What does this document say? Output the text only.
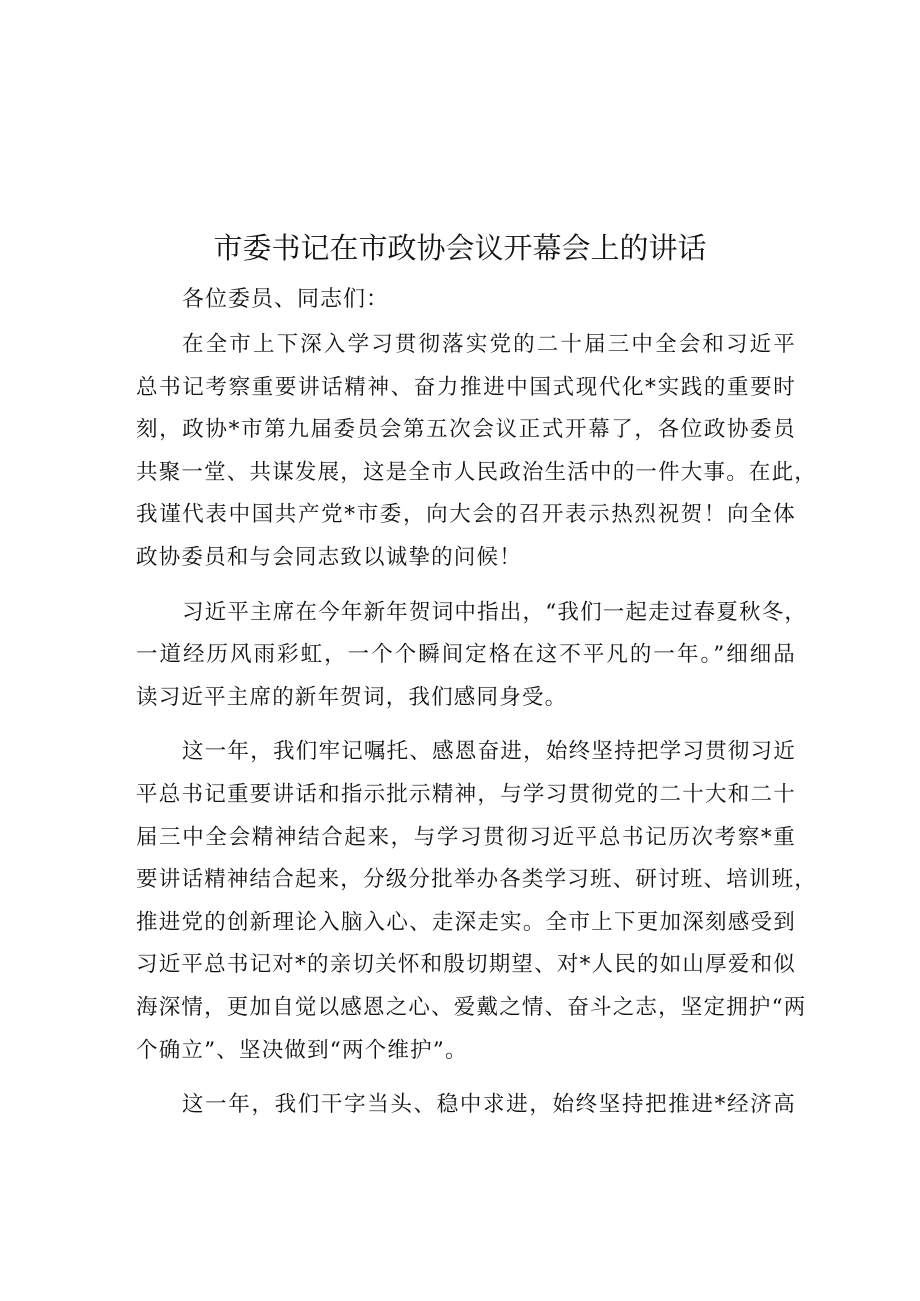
市委书记在市政协会议开幕会上的讲话

各位委员、同志们：

在全市上下深入学习贯彻落实党的二十届三中全会和习近平
总书记考察重要讲话精神、奋力推进中国式现代化*实践的重要时
刻，政协*市第九届委员会第五次会议正式开幕了，各位政协委员
共聚一堂、共谋发展，这是全市人民政治生活中的一件大事。在此，
我谨代表中国共产党*市委，向大会的召开表示热烈祝贺！向全体
政协委员和与会同志致以诚挚的问候！

习近平主席在今年新年贺词中指出，“我们一起走过春夏秋冬，
一道经历风雨彩虹，一个个瞬间定格在这不平凡的一年。”细细品
读习近平主席的新年贺词，我们感同身受。

这一年，我们牢记嘱托、感恩奋进，始终坚持把学习贯彻习近
平总书记重要讲话和指示批示精神，与学习贯彻党的二十大和二十
届三中全会精神结合起来，与学习贯彻习近平总书记历次考察*重
要讲话精神结合起来，分级分批举办各类学习班、研讨班、培训班，
推进党的创新理论入脑入心、走深走实。全市上下更加深刻感受到
习近平总书记对*的亲切关怀和殷切期望、对*人民的如山厚爱和似
海深情，更加自觉以感恩之心、爱戴之情、奋斗之志，坚定拥护“两
个确立”、坚决做到“两个维护”。

这一年，我们干字当头、稳中求进，始终坚持把推进*经济高
